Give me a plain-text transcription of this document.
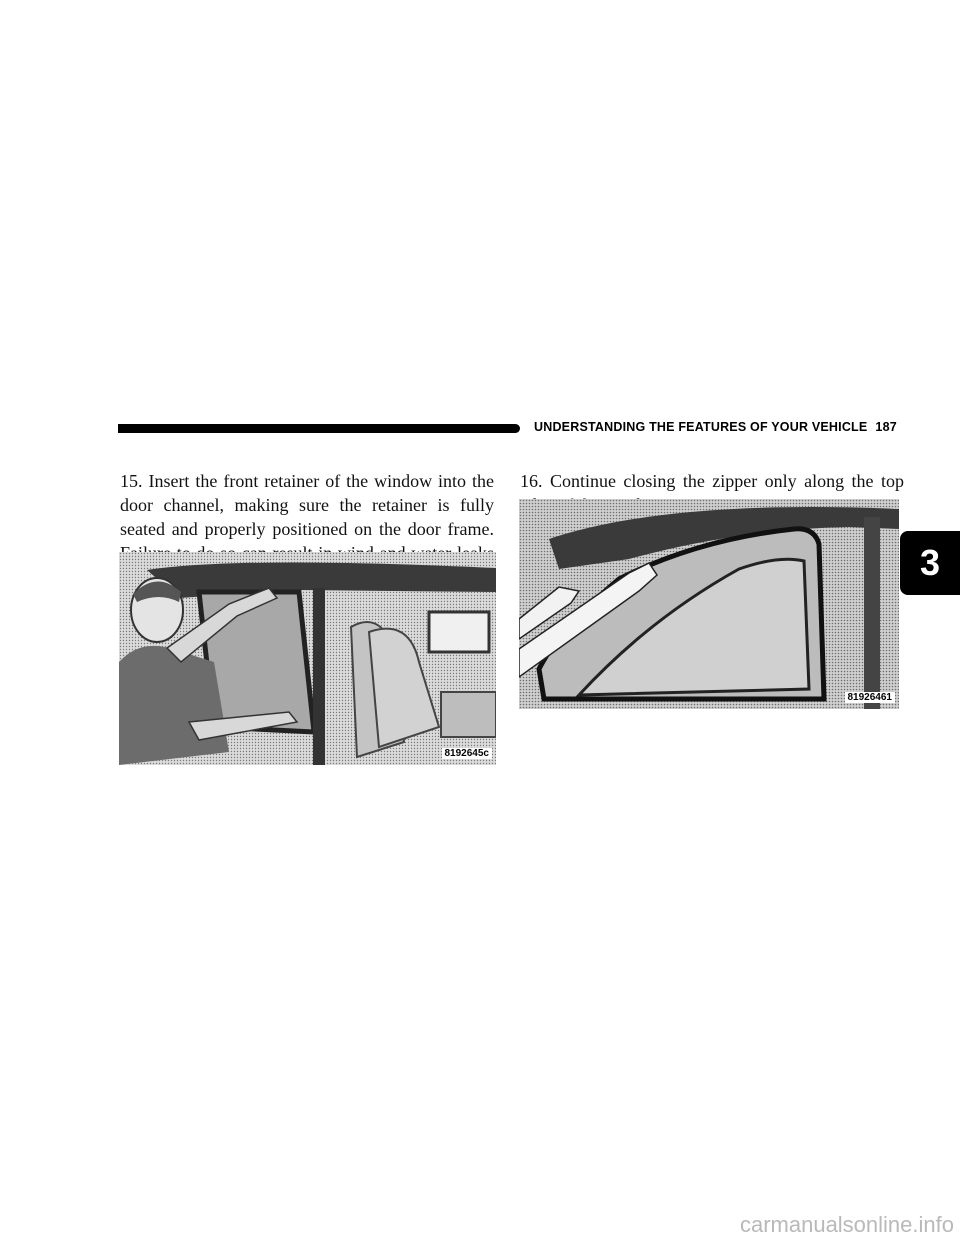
UNDERSTANDING THE FEATURES OF YOUR VEHICLE 187

15. Insert the front retainer of the window into the door channel, making sure the retainer is fully seated and properly positioned on the door frame.

8192645c

16. Continue closing the zipper only along the top

81926461
3
carmanualsonline.info
